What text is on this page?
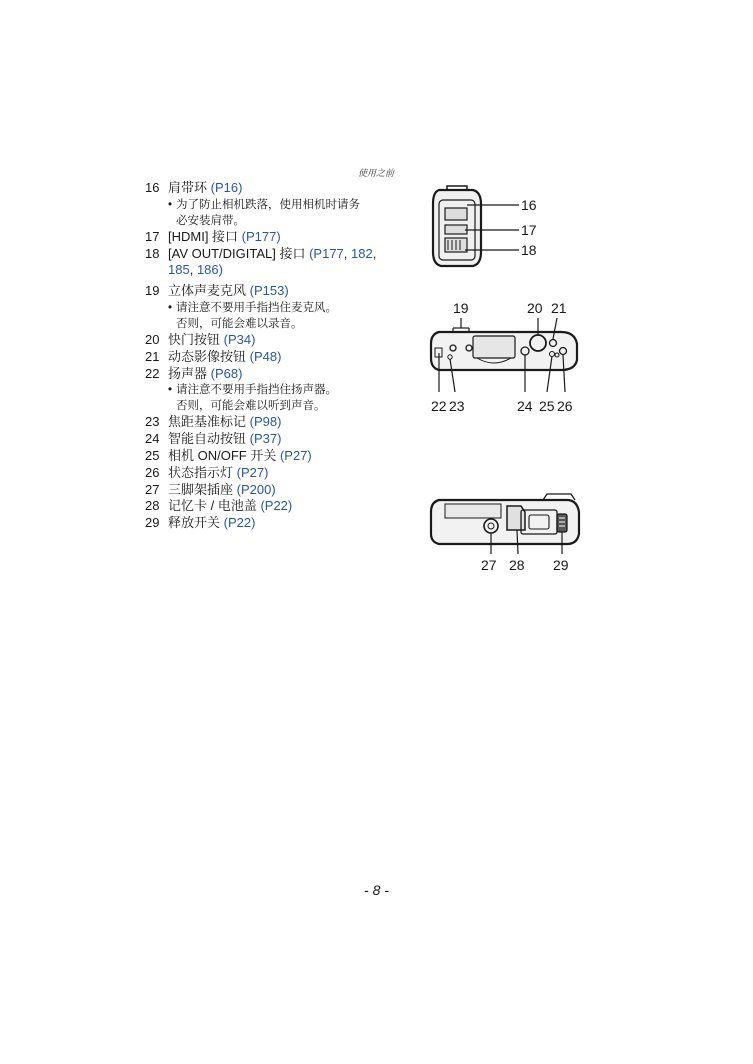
使用之前
16 肩带环 (P16)
• 为了防止相机跌落，使用相机时请务
必安装肩带。
17 [HDMI] 接口 (P177)
18 [AV OUT/DIGITAL] 接口 (P177, 182,
185, 186)
19 立体声麦克风 (P153)
• 请注意不要用手指挡住麦克风。
否则，可能会难以录音。
20 快门按钮 (P34)
21 动态影像按钮 (P48)
22 扬声器 (P68)
• 请注意不要用手指挡住扬声器。
否则，可能会难以听到声音。
23 焦距基准标记 (P98)
24 智能自动按钮 (P37)
25 相机 ON/OFF 开关 (P27)
26 状态指示灯 (P27)
27 三脚架插座 (P200)
28 记忆卡 / 电池盖 (P22)
29 释放开关 (P22)
16
17
18
19	20 21
22 23	24 25 26
27 28 29
- 8 -
